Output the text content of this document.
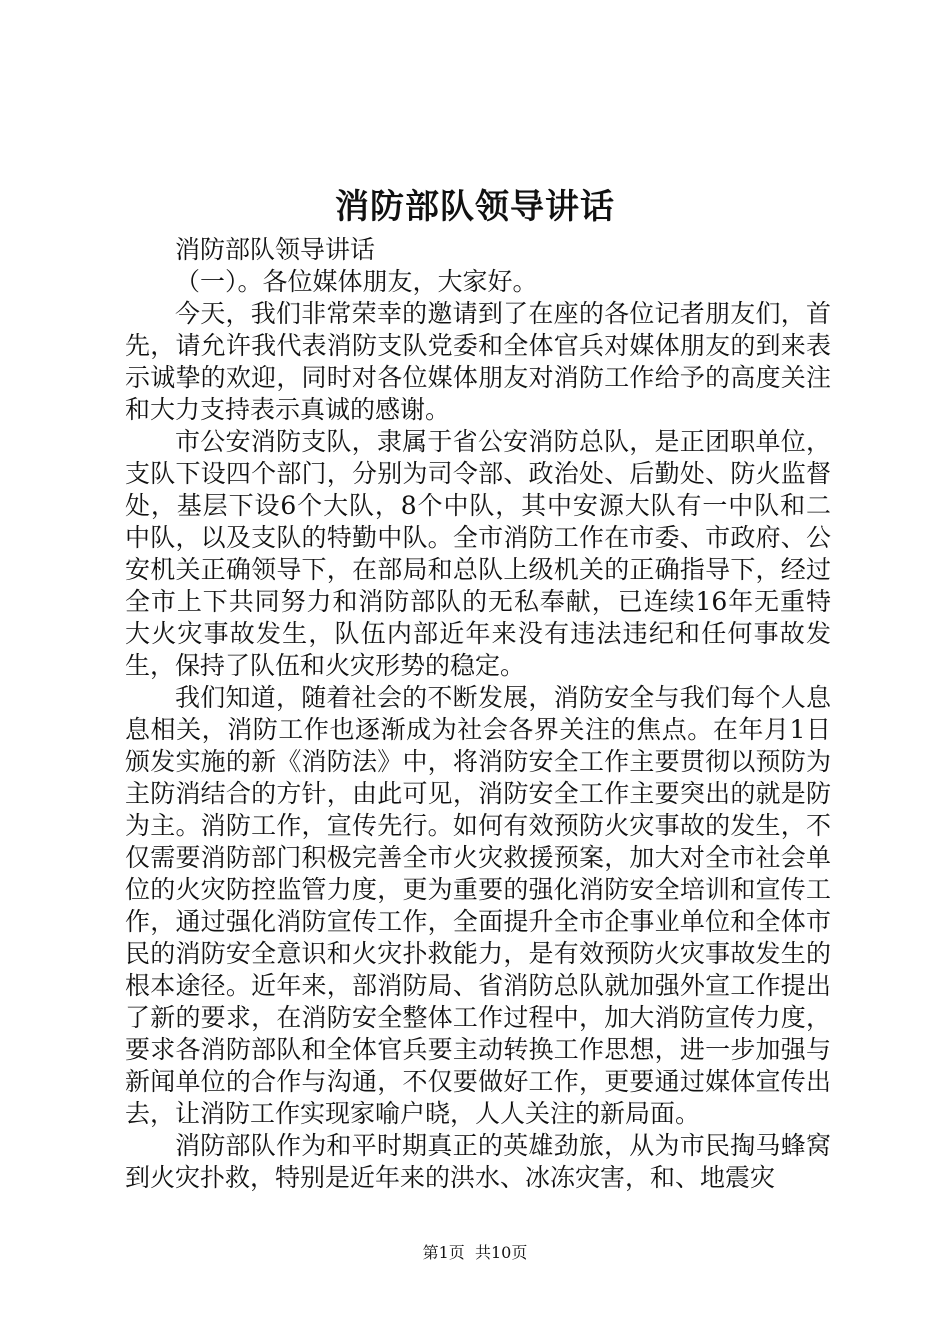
消防部队领导讲话

消防部队领导讲话

（一）。各位媒体朋友，大家好。

今天，我们非常荣幸的邀请到了在座的各位记者朋友们，首先，请允许我代表消防支队党委和全体官兵对媒体朋友的到来表示诚挚的欢迎，同时对各位媒体朋友对消防工作给予的高度关注和大力支持表示真诚的感谢。

市公安消防支队，隶属于省公安消防总队，是正团职单位，支队下设四个部门，分别为司令部、政治处、后勤处、防火监督处，基层下设6个大队，8个中队，其中安源大队有一中队和二中队，以及支队的特勤中队。全市消防工作在市委、市政府、公安机关正确领导下，在部局和总队上级机关的正确指导下，经过全市上下共同努力和消防部队的无私奉献，已连续16年无重特大火灾事故发生，队伍内部近年来没有违法违纪和任何事故发生，保持了队伍和火灾形势的稳定。

我们知道，随着社会的不断发展，消防安全与我们每个人息息相关，消防工作也逐渐成为社会各界关注的焦点。在年月1日颁发实施的新《消防法》中，将消防安全工作主要贯彻以预防为主防消结合的方针，由此可见，消防安全工作主要突出的就是防为主。消防工作，宣传先行。如何有效预防火灾事故的发生，不仅需要消防部门积极完善全市火灾救援预案，加大对全市社会单位的火灾防控监管力度，更为重要的强化消防安全培训和宣传工作，通过强化消防宣传工作，全面提升全市企事业单位和全体市民的消防安全意识和火灾扑救能力，是有效预防火灾事故发生的根本途径。近年来，部消防局、省消防总队就加强外宣工作提出了新的要求，在消防安全整体工作过程中，加大消防宣传力度，要求各消防部队和全体官兵要主动转换工作思想，进一步加强与新闻单位的合作与沟通，不仅要做好工作，更要通过媒体宣传出去，让消防工作实现家喻户晓，人人关注的新局面。

消防部队作为和平时期真正的英雄劲旅，从为市民掏马蜂窝到火灾扑救，特别是近年来的洪水、冰冻灾害，和、地震灾

第1页 共10页
